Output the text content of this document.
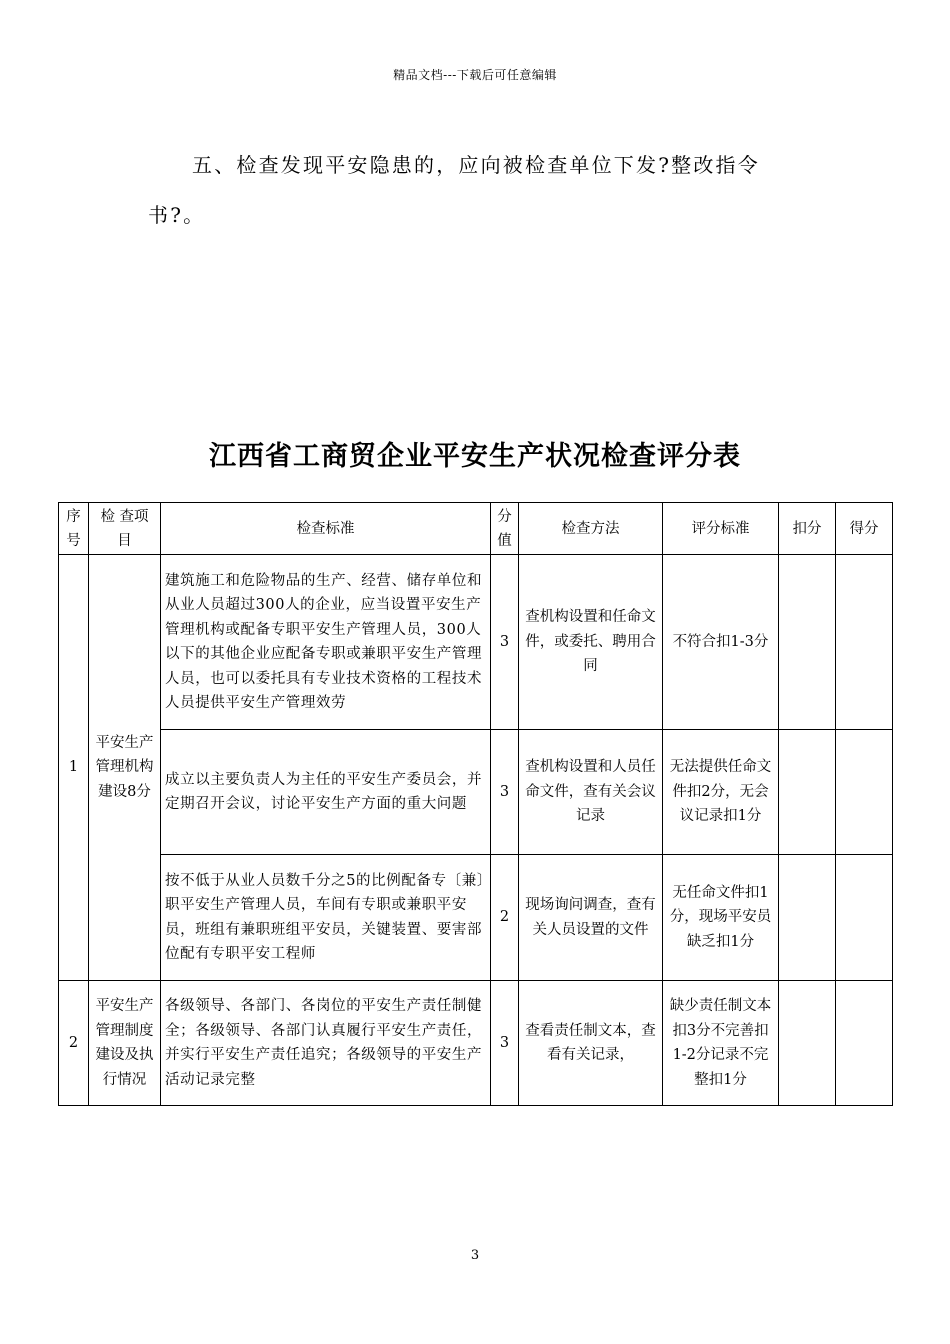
精品文档---下载后可任意编辑

五、检查发现平安隐患的，应向被检查单位下发?整改指令书?。

江西省工商贸企业平安生产状况检查评分表
序号	检 查项 目	检查标准	分值	检查方法	评分标准	扣分	得分
1	平安生产管理机构建设8分	建筑施工和危险物品的生产、经营、储存单位和从业人员超过300人的企业，应当设置平安生产管理机构或配备专职平安生产管理人员，300人以下的其他企业应配备专职或兼职平安生产管理人员，也可以委托具有专业技术资格的工程技术人员提供平安生产管理效劳	3	查机构设置和任命文件，或委托、聘用合同	不符合扣1-3分		
		成立以主要负责人为主任的平安生产委员会，并定期召开会议，讨论平安生产方面的重大问题	3	查机构设置和人员任命文件，查有关会议记录	无法提供任命文件扣2分，无会议记录扣1分		
		按不低于从业人员数千分之5的比例配备专〔兼〕职平安生产管理人员，车间有专职或兼职平安员，班组有兼职班组平安员，关键装置、要害部位配有专职平安工程师	2	现场询问调查，查有关人员设置的文件	无任命文件扣1分，现场平安员缺乏扣1分		
2	平安生产管理制度建设及执行情况	各级领导、各部门、各岗位的平安生产责任制健全；各级领导、各部门认真履行平安生产责任，并实行平安生产责任追究；各级领导的平安生产活动记录完整	3	查看责任制文本，查看有关记录，	缺少责任制文本扣3分不完善扣1-2分记录不完整扣1分		
3
